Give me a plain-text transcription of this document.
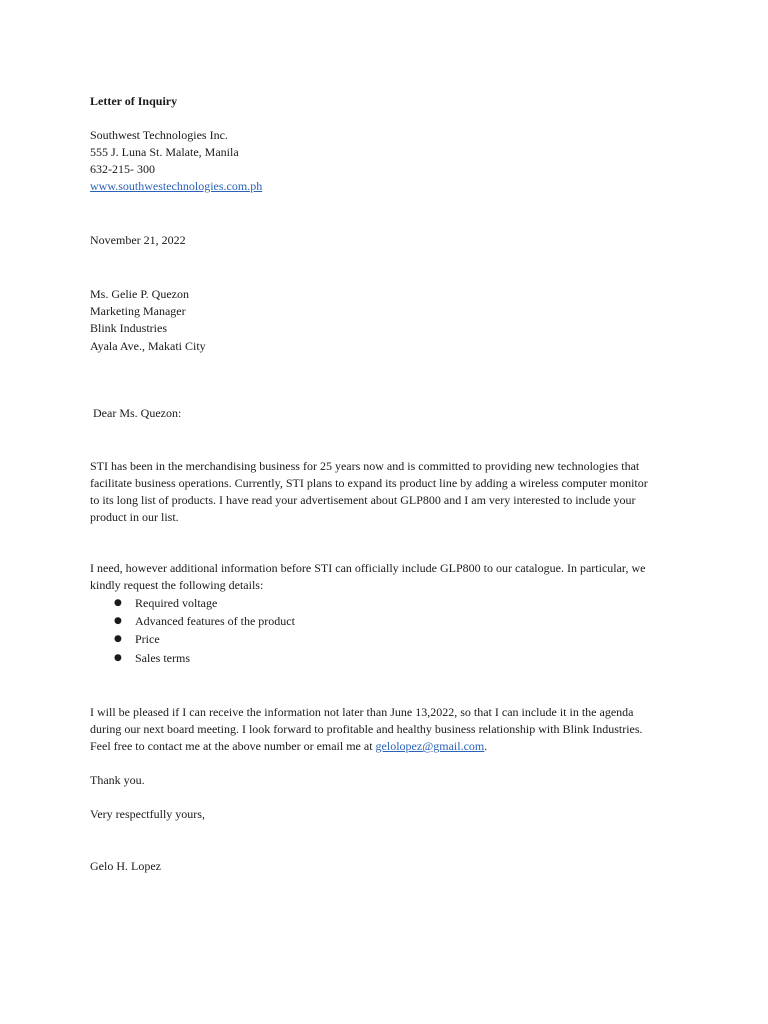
Letter of Inquiry
Southwest Technologies Inc.
555 J. Luna St. Malate, Manila
632-215- 300
www.southwestechnologies.com.ph
November 21, 2022
Ms. Gelie P. Quezon
Marketing Manager
Blink Industries
Ayala Ave., Makati City
Dear Ms. Quezon:
STI has been in the merchandising business for 25 years now and is committed to providing new technologies that
facilitate business operations. Currently, STI plans to expand its product line by adding a wireless computer monitor
to its long list of products. I have read your advertisement about GLP800 and I am very interested to include your
product in our list.
I need, however additional information before STI can officially include GLP800 to our catalogue. In particular, we
kindly request the following details:
● Required voltage
● Advanced features of the product
● Price
● Sales terms
I will be pleased if I can receive the information not later than June 13,2022, so that I can include it in the agenda
during our next board meeting. I look forward to profitable and healthy business relationship with Blink Industries.
Feel free to contact me at the above number or email me at gelolopez@gmail.com.
Thank you.
Very respectfully yours,
Gelo H. Lopez
